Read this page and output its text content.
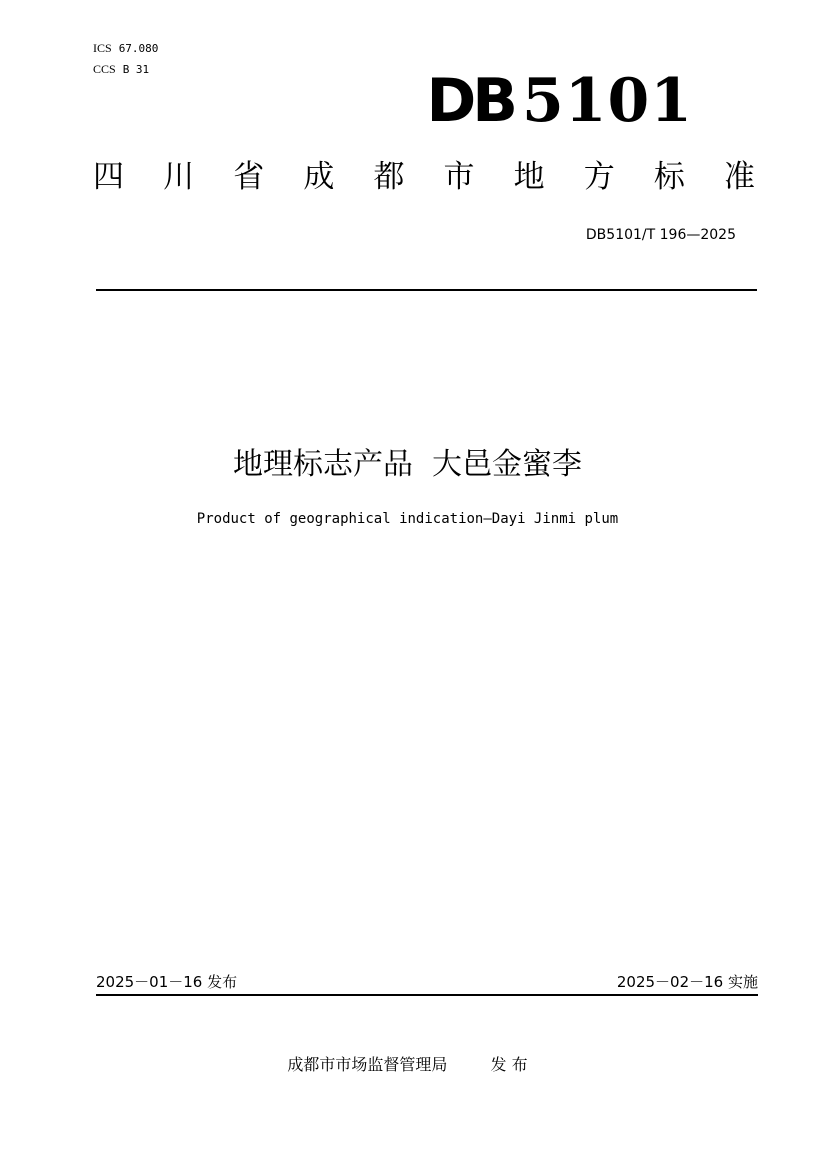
ICS 67.080
CCS B 31	DB 5101
四 川 省 成 都 市 地 方 标 准
DB5101/T 196—2025
地理标志产品  大邑金蜜李
Product of geographical indication—Dayi Jinmi plum
2025－01－16 发布	2025－02－16 实施
成都市市场监督管理局	发 布
